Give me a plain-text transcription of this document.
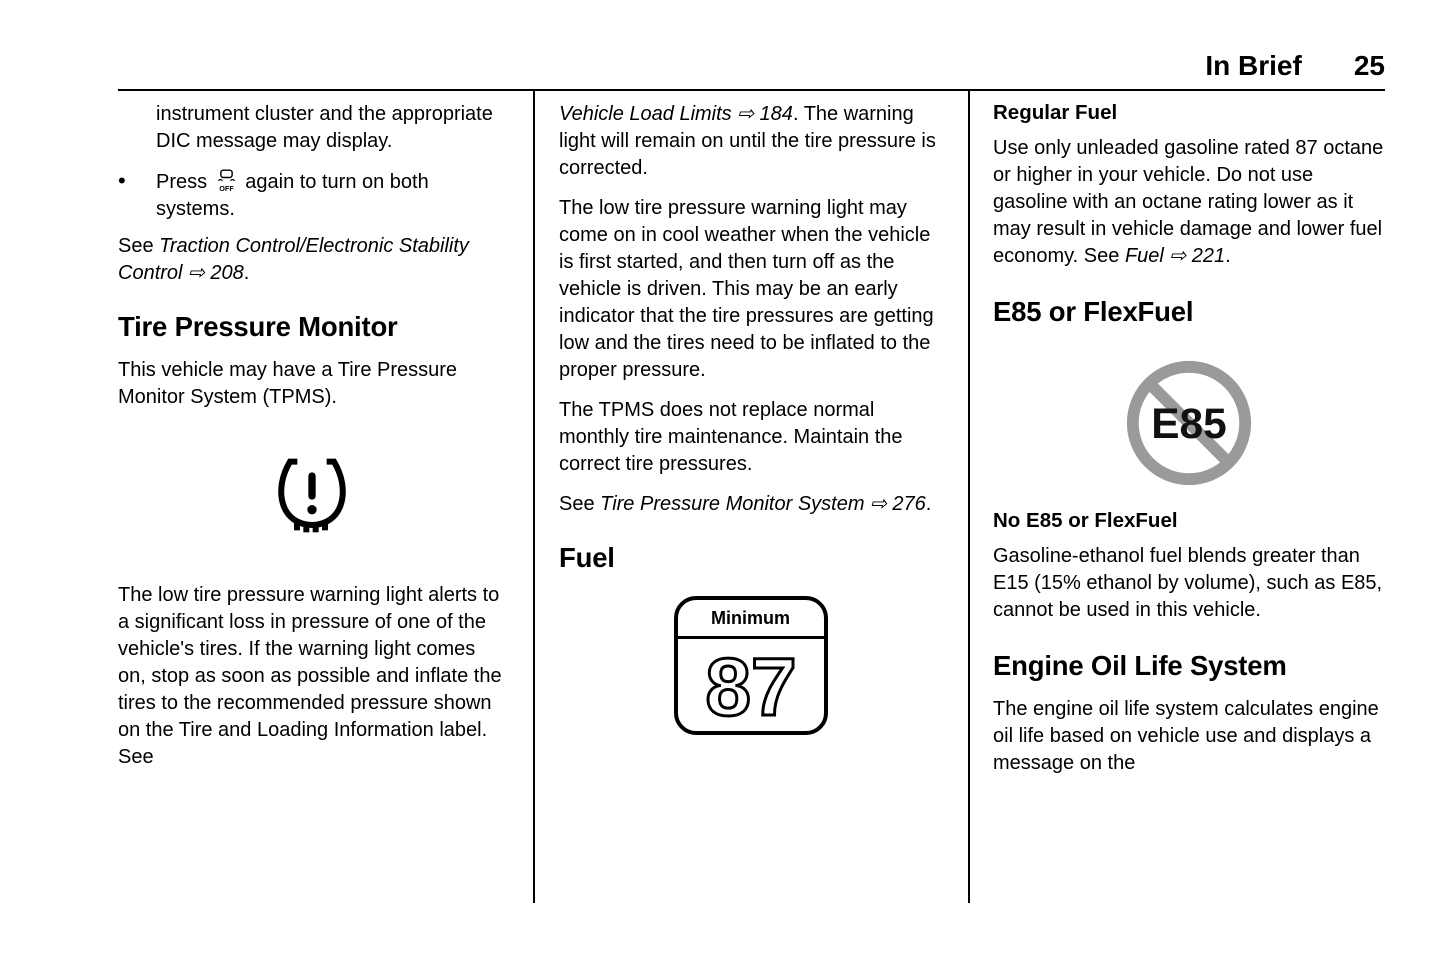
In Brief 25

instrument cluster and the appropriate DIC message may display.

•	Press OFF again to turn on both systems.

See Traction Control/Electronic Stability Control ⇨ 208.

Tire Pressure Monitor

This vehicle may have a Tire Pressure Monitor System (TPMS).

The low tire pressure warning light alerts to a significant loss in pressure of one of the vehicle's tires. If the warning light comes on, stop as soon as possible and inflate the tires to the recommended pressure shown on the Tire and Loading Information label. See

Vehicle Load Limits ⇨ 184. The warning light will remain on until the tire pressure is corrected.

The low tire pressure warning light may come on in cool weather when the vehicle is first started, and then turn off as the vehicle is driven. This may be an early indicator that the tire pressures are getting low and the tires need to be inflated to the proper pressure.

The TPMS does not replace normal monthly tire maintenance. Maintain the correct tire pressures.

See Tire Pressure Monitor System ⇨ 276.

Fuel
Minimum
87
Regular Fuel

Use only unleaded gasoline rated 87 octane or higher in your vehicle. Do not use gasoline with an octane rating lower as it may result in vehicle damage and lower fuel economy. See Fuel ⇨ 221.

E85 or FlexFuel
E85
No E85 or FlexFuel

Gasoline-ethanol fuel blends greater than E15 (15% ethanol by volume), such as E85, cannot be used in this vehicle.

Engine Oil Life System

The engine oil life system calculates engine oil life based on vehicle use and displays a message on the
